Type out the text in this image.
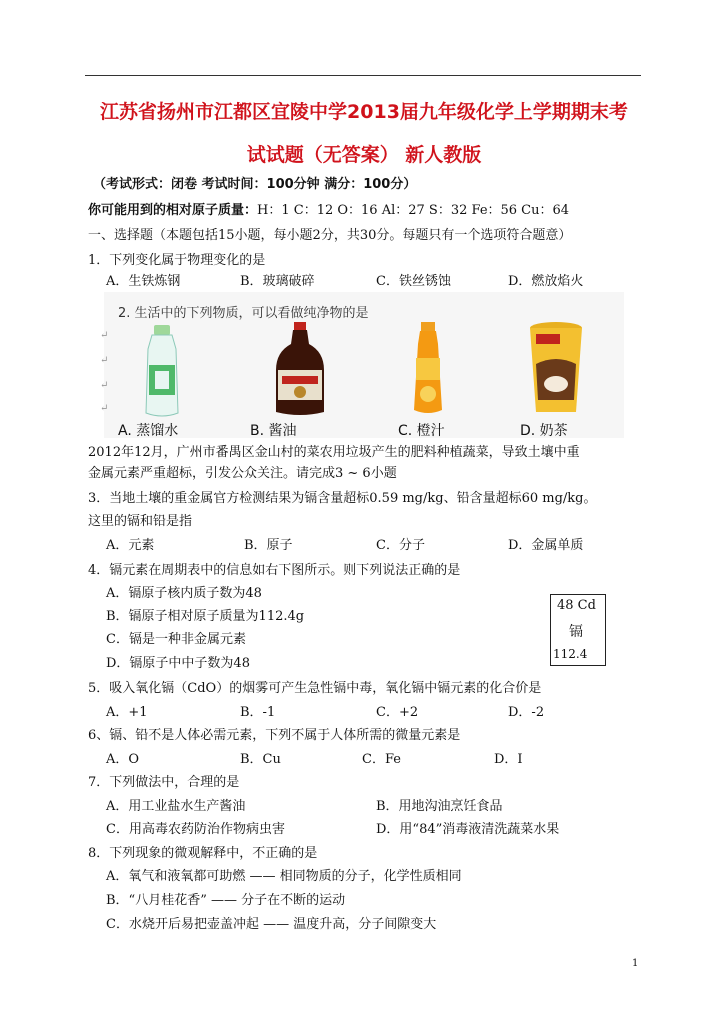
江苏省扬州市江都区宜陵中学2013届九年级化学上学期期末考
试试题（无答案） 新人教版
（考试形式：闭卷 考试时间：100分钟 满分：100分）
你可能用到的相对原子质量：H：1 C：12 O：16 Al：27 S：32 Fe：56 Cu：64
一、选择题（本题包括15小题，每小题2分，共30分。每题只有一个选项符合题意）
1．下列变化属于物理变化的是
A．生铁炼钢	B．玻璃破碎	C．铁丝锈蚀	D．燃放焰火
2. 生活中的下列物质，可以看做纯净物的是
↵
↵
↵
↵
A. 蒸馏水	B. 酱油	C. 橙汁	D. 奶茶
2012年12月，广州市番禺区金山村的菜农用垃圾产生的肥料种植蔬菜，导致土壤中重
金属元素严重超标，引发公众关注。请完成3 ~ 6小题
3．当地土壤的重金属官方检测结果为镉含量超标0.59 mg/kg、铅含量超标60 mg/kg。
这里的镉和铅是指
A．元素	B．原子	C．分子	D．金属单质
4．镉元素在周期表中的信息如右下图所示。则下列说法正确的是
A．镉原子核内质子数为48
B．镉原子相对原子质量为112.4g
C．镉是一种非金属元素
D．镉原子中中子数为48
48 Cd
镉
112.4
5．吸入氧化镉（CdO）的烟雾可产生急性镉中毒，氧化镉中镉元素的化合价是
A．+1	B．-1	C．+2	D．-2
6、镉、铅不是人体必需元素，下列不属于人体所需的微量元素是
A．O	B．Cu	C．Fe	D．I
7．下列做法中，合理的是
A．用工业盐水生产酱油	B．用地沟油烹饪食品
C．用高毒农药防治作物病虫害	D．用“84”消毒液清洗蔬菜水果
8．下列现象的微观解释中，不正确的是
A．氧气和液氧都可助燃 —— 相同物质的分子，化学性质相同
B．“八月桂花香” —— 分子在不断的运动
C．水烧开后易把壶盖冲起 —— 温度升高，分子间隙变大
1
